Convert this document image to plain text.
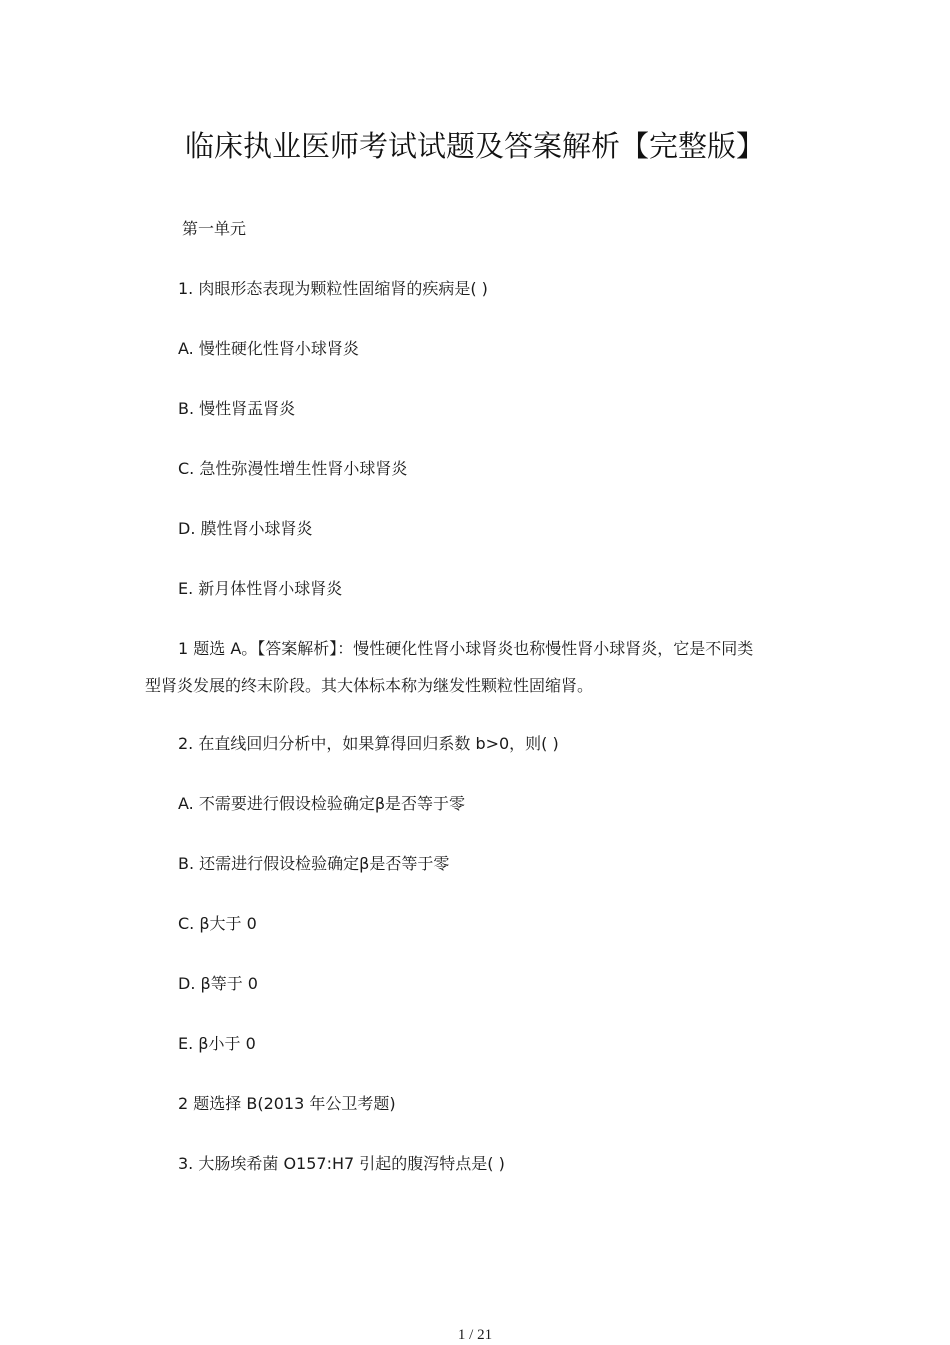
临床执业医师考试试题及答案解析【完整版】
第一单元
1. 肉眼形态表现为颗粒性固缩肾的疾病是( )
A. 慢性硬化性肾小球肾炎
B. 慢性肾盂肾炎
C. 急性弥漫性增生性肾小球肾炎
D. 膜性肾小球肾炎
E. 新月体性肾小球肾炎
1 题选 A。【答案解析】：慢性硬化性肾小球肾炎也称慢性肾小球肾炎，它是不同类
型肾炎发展的终末阶段。其大体标本称为继发性颗粒性固缩肾。
2. 在直线回归分析中，如果算得回归系数 b>0，则( )
A. 不需要进行假设检验确定β是否等于零
B. 还需进行假设检验确定β是否等于零
C. β大于 0
D. β等于 0
E. β小于 0
2 题选择 B(2013 年公卫考题)
3. 大肠埃希菌 O157:H7 引起的腹泻特点是( )
1 / 21
